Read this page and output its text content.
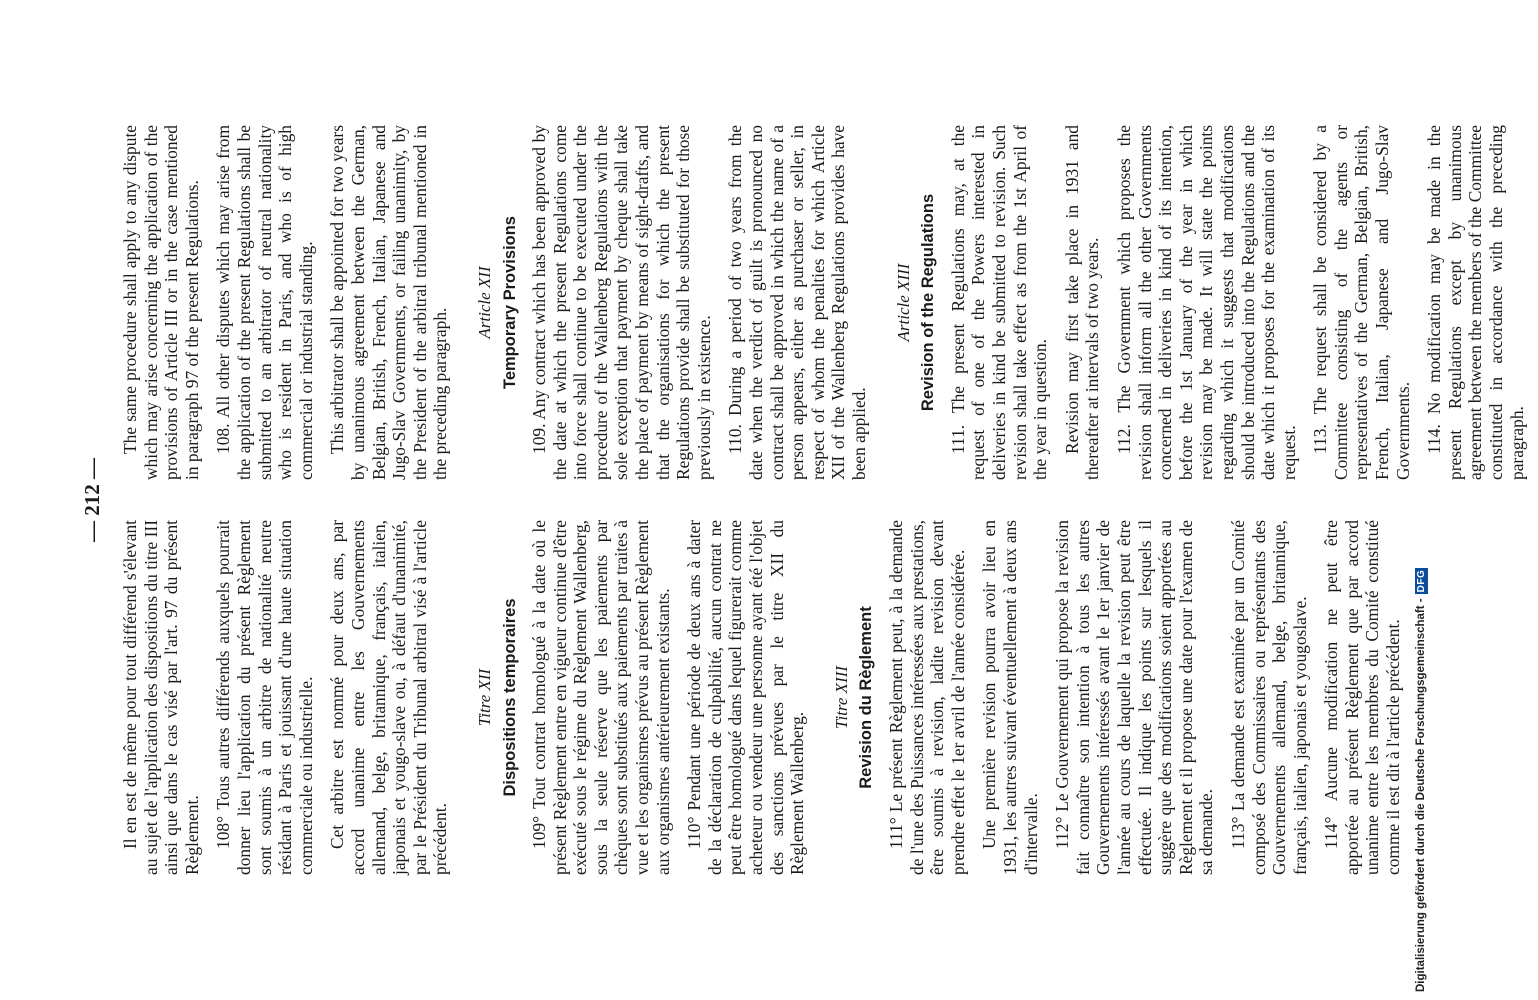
— 212 —

Il en est de même pour tout différend s'élevant au sujet de l'application des dispositions du titre III ainsi que dans le cas visé par l'art. 97 du présent Règlement. 108° Tous autres différends auxquels pourrait donner lieu l'application du présent Règlement sont soumis à un arbitre de nationalité neutre résidant à Paris et jouissant d'une haute situation commerciale ou industrielle. Cet arbitre est nommé pour deux ans, par accord unanime entre les Gouvernements allemand, belge, britannique, français, italien, japonais et yougo-slave ou, à défaut d'unanimité, par le Président du Tribunal arbitral visé à l'article précédent.

Titre XII Dispositions temporaires 109° Tout contrat homologué à la date où le présent Règlement entre en vigueur continue d'être exécuté sous le régime du Règlement Wallenberg, sous la seule réserve que les paiements par chèques sont substitués aux paiements par traites à vue et les organismes prévus au présent Règlement aux organismes antérieurement existants. 110° Pendant une période de deux ans à dater de la déclaration de culpabilité, aucun contrat ne peut être homologué dans lequel figurerait comme acheteur ou vendeur une personne ayant été l'objet des sanctions prévues par le titre XII du Règlement Wallenberg.

Titre XIII Revision du Règlement 111° Le présent Règlement peut, à la demande de l'une des Puissances intéressées aux prestations, être soumis à revision, ladite revision devant prendre effet le 1er avril de l'année considérée. Une première revision pourra avoir lieu en 1931, les autres suivant éventuellement à deux ans d'intervalle. 112° Le Gouvernement qui propose la revision fait connaître son intention à tous les autres Gouvernements intéressés avant le 1er janvier de l'année au cours de laquelle la revision peut être effectuée. Il indique les points sur lesquels il suggère que des modifications soient apportées au Règlement et il propose une date pour l'examen de sa demande. 113° La demande est examinée par un Comité composé des Commissaires ou représentants des Gouvernements allemand, belge, britannique, français, italien, japonais et yougoslave. 114° Aucune modification ne peut être apportée au présent Règlement que par accord unanime entre les membres du Comité constitué comme il est dit à l'article précédent.

The same procedure shall apply to any dispute which may arise concerning the application of the provisions of Article III or in the case mentioned in paragraph 97 of the present Regulations. 108. All other disputes which may arise from the application of the present Regulations shall be submitted to an arbitrator of neutral nationality who is resident in Paris, and who is of high commercial or industrial standing. This arbitrator shall be appointed for two years by unanimous agreement between the German, Belgian, British, French, Italian, Japanese and Jugo-Slav Governments, or failing unanimity, by the President of the arbitral tribunal mentioned in the preceding paragraph.

Article XII Temporary Provisions 109. Any contract which has been approved by the date at which the present Regulations come into force shall continue to be executed under the procedure of the Wallenberg Regulations with the sole exception that payment by cheque shall take the place of payment by means of sight-drafts, and that the organisations for which the present Regulations provide shall be substituted for those previously in existence. 110. During a period of two years from the date when the verdict of guilt is pronounced no contract shall be approved in which the name of a person appears, either as purchaser or seller, in respect of whom the penalties for which Article XII of the Wallenberg Regulations provides have been applied.

Article XIII Revision of the Regulations 111. The present Regulations may, at the request of one of the Powers interested in deliveries in kind be submitted to revision. Such revision shall take effect as from the 1st April of the year in question. Revision may first take place in 1931 and thereafter at intervals of two years. 112. The Government which proposes the revision shall inform all the other Governments concerned in deliveries in kind of its intention, before the 1st January of the year in which revision may be made. It will state the points regarding which it suggests that modifications should be introduced into the Regulations and the date which it proposes for the examination of its request. 113. The request shall be considered by a Committee consisting of the agents or representatives of the German, Belgian, British, French, Italian, Japanese and Jugo-Slav Governments. 114. No modification may be made in the present Regulations except by unanimous agreement between the members of the Committee constituted in accordance with the preceding paragraph.

Digitalisierung gefördert durch die Deutsche Forschungsgemeinschaft -
DFG
